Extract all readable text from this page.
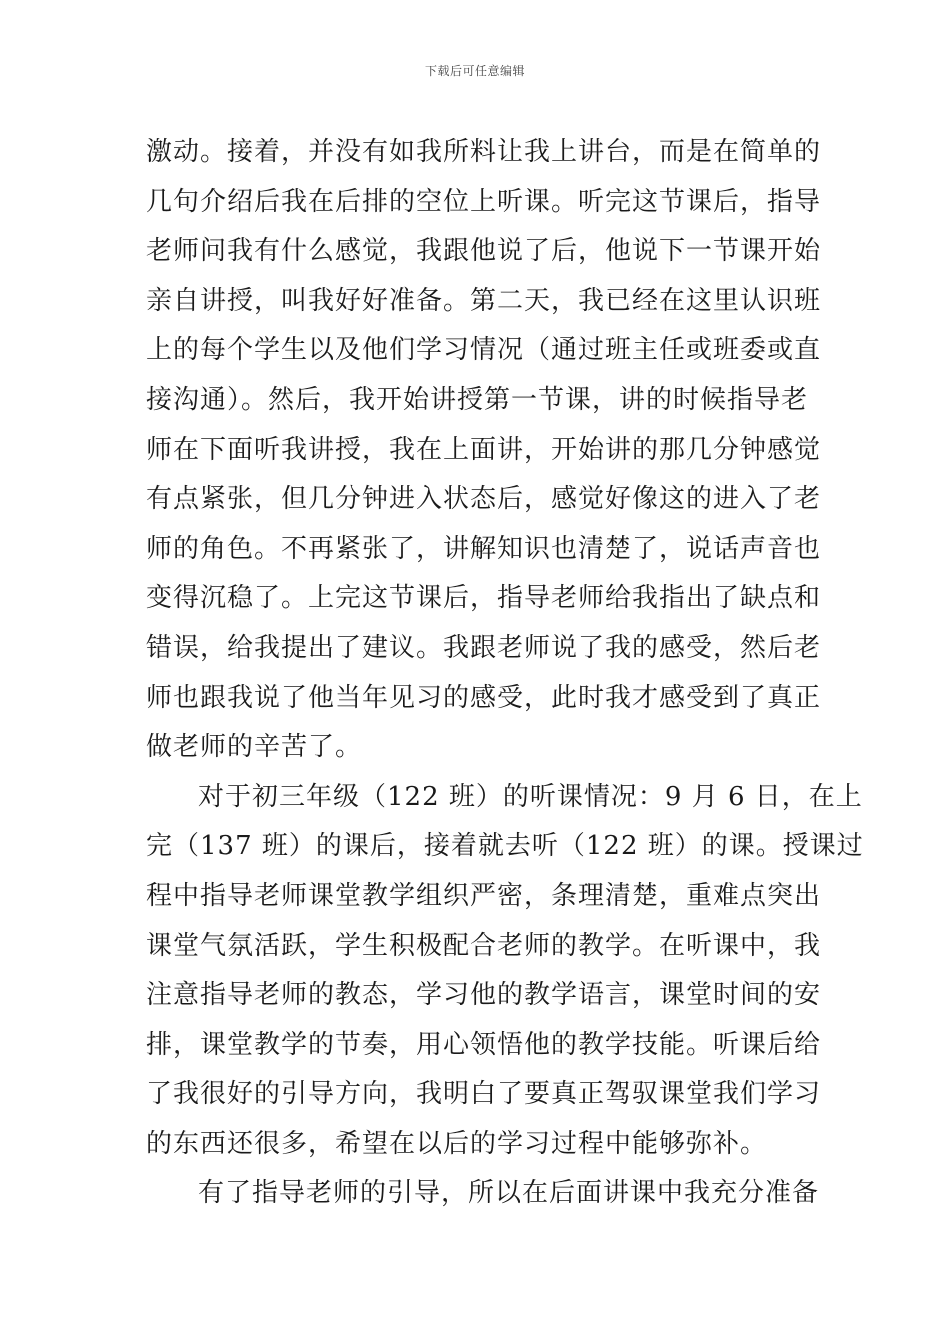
下载后可任意编辑
激动。接着，并没有如我所料让我上讲台，而是在简单的
几句介绍后我在后排的空位上听课。听完这节课后，指导
老师问我有什么感觉，我跟他说了后，他说下一节课开始
亲自讲授，叫我好好准备。第二天，我已经在这里认识班
上的每个学生以及他们学习情况（通过班主任或班委或直
接沟通）。然后，我开始讲授第一节课，讲的时候指导老
师在下面听我讲授，我在上面讲，开始讲的那几分钟感觉
有点紧张，但几分钟进入状态后，感觉好像这的进入了老
师的角色。不再紧张了，讲解知识也清楚了，说话声音也
变得沉稳了。上完这节课后，指导老师给我指出了缺点和
错误，给我提出了建议。我跟老师说了我的感受，然后老
师也跟我说了他当年见习的感受，此时我才感受到了真正
做老师的辛苦了。
对于初三年级（122 班）的听课情况：9 月 6 日，在上
完（137 班）的课后，接着就去听（122 班）的课。授课过
程中指导老师课堂教学组织严密，条理清楚，重难点突出
课堂气氛活跃，学生积极配合老师的教学。在听课中，我
注意指导老师的教态，学习他的教学语言，课堂时间的安
排，课堂教学的节奏，用心领悟他的教学技能。听课后给
了我很好的引导方向，我明白了要真正驾驭课堂我们学习
的东西还很多，希望在以后的学习过程中能够弥补。
有了指导老师的引导，所以在后面讲课中我充分准备
